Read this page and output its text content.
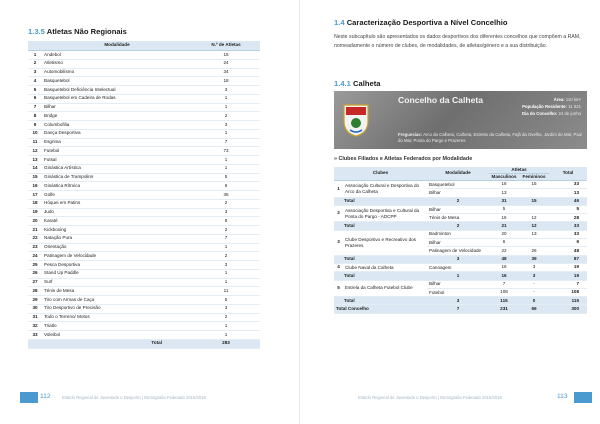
1.3.5 Atletas Não Regionais
	Modalidade	N.º de Atletas
1	Andebol	15
2	Atletismo	24
3	Automobilismo	34
4	Basquetebol	18
5	Basquetebol Deficiência Intelectual	3
6	Basquetebol em Cadeira de Rodas	1
7	Bilhar	1
8	Bridge	2
9	Columbofilia	3
10	Dança Desportiva	1
11	Esgrima	7
12	Futebol	73
13	Futsal	1
14	Ginástica Artística	1
15	Ginástica de Trampolins	5
16	Ginástica Rítmica	6
17	Golfe	35
18	Hóquei em Patins	2
19	Judo	3
20	Karaté	8
21	Kickboxing	2
22	Natação Pura	7
23	Orientação	1
24	Patinagem de Velocidade	2
25	Pesca Desportiva	3
26	Stand Up Paddle	1
27	Surf	1
28	Ténis de Mesa	11
29	Tiro com Armas de Caça	5
30	Tiro Desportivo de Precisão	3
31	Todo o Terreno/ Motos	2
32	Triatlo	1
33	Voleibol	1
	Total	283
112	Estudo Regional de Juventude e Desporto | Demografia Federada 2015/2016
1.4 Caracterização Desportiva a Nível Concelhio
Neste subcapítulo são apresentados os dados desportivos dos diferentes concelhos que compõem a RAM, nomeadamente o número de clubes, de modalidades, de atletas/género e a sua distribuição.
1.4.1 Calheta
Concelho da Calheta	Área: 110 km²
População Residente: 11 521
Dia do Concelho: 24 de junho
Freguesias: Arco da Calheta, Calheta, Estreito da Calheta, Fajã da Ovelha, Jardim do Mar, Paul do Mar, Ponta do Pargo e Prazeres
» Clubes Filiados e Atletas Federados por Modalidade
Clubes		Modalidade	Atletas		Total
			Masculinos	Femininos	
1	Associação Cultural e Desportiva do Arco da Calheta	Basquetebol	18	15	33
		Bilhar	13		13
Total		2	31	15	46
2	Associação Desportiva e Cultural da Ponta do Pargo - ADCPP	Bilhar	5		5
		Ténis de Mesa	16	12	28
Total		2	21	12	33
3	Clube Desportivo e Recreativo dos Prazeres	Badminton	20	13	33
		Bilhar	6		6
		Patinagem de Velocidade	22	26	48
Total		3	48	39	87
4	Clube Naval da Calheta	Canoagem	16	3	19
Total		1	16	3	19
5	Estrela da Calheta Futebol Clube	Bilhar	7	-	7
		Futebol	108	-	108
Total		3	115	0	115
Total Concelho		7	231	69	300
Estudo Regional de Juventude e Desporto | Demografia Federada 2015/2016	113
